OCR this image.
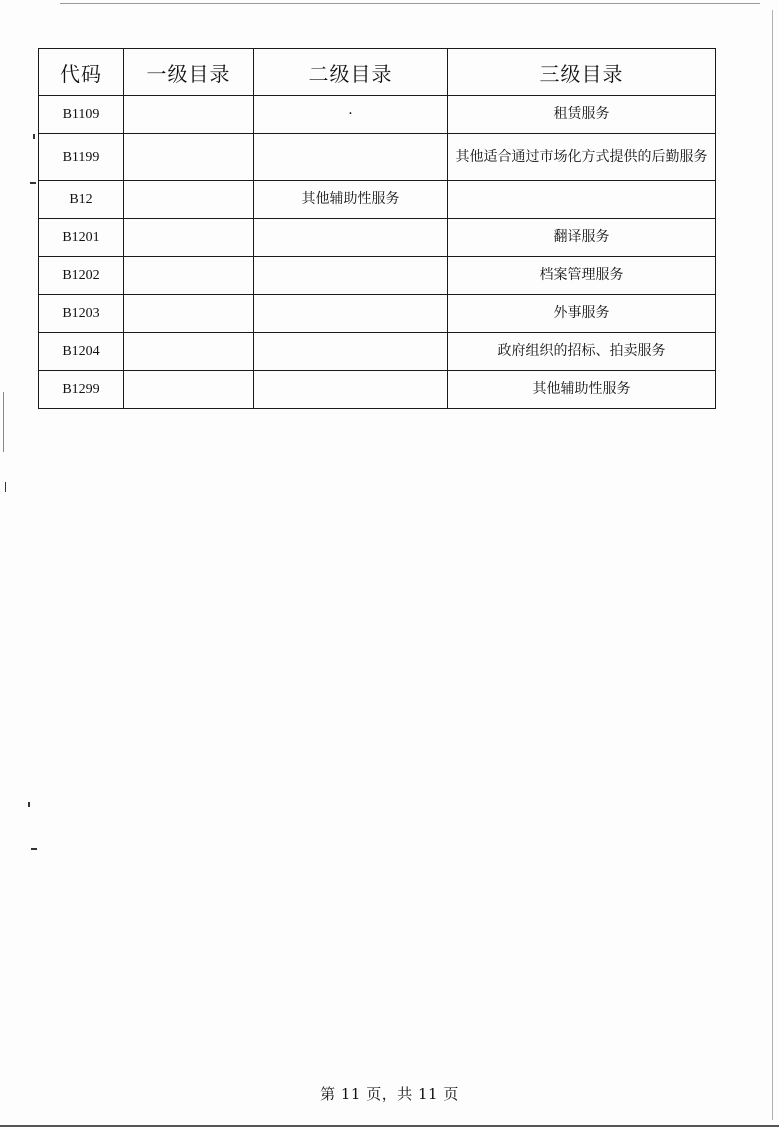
代码	一级目录	二级目录	三级目录
B1109		·	租赁服务
B1199			其他适合通过市场化方式提供的后勤服务
B12		其他辅助性服务	
B1201			翻译服务
B1202			档案管理服务
B1203			外事服务
B1204			政府组织的招标、拍卖服务
B1299			其他辅助性服务
第 11 页，共 11 页
